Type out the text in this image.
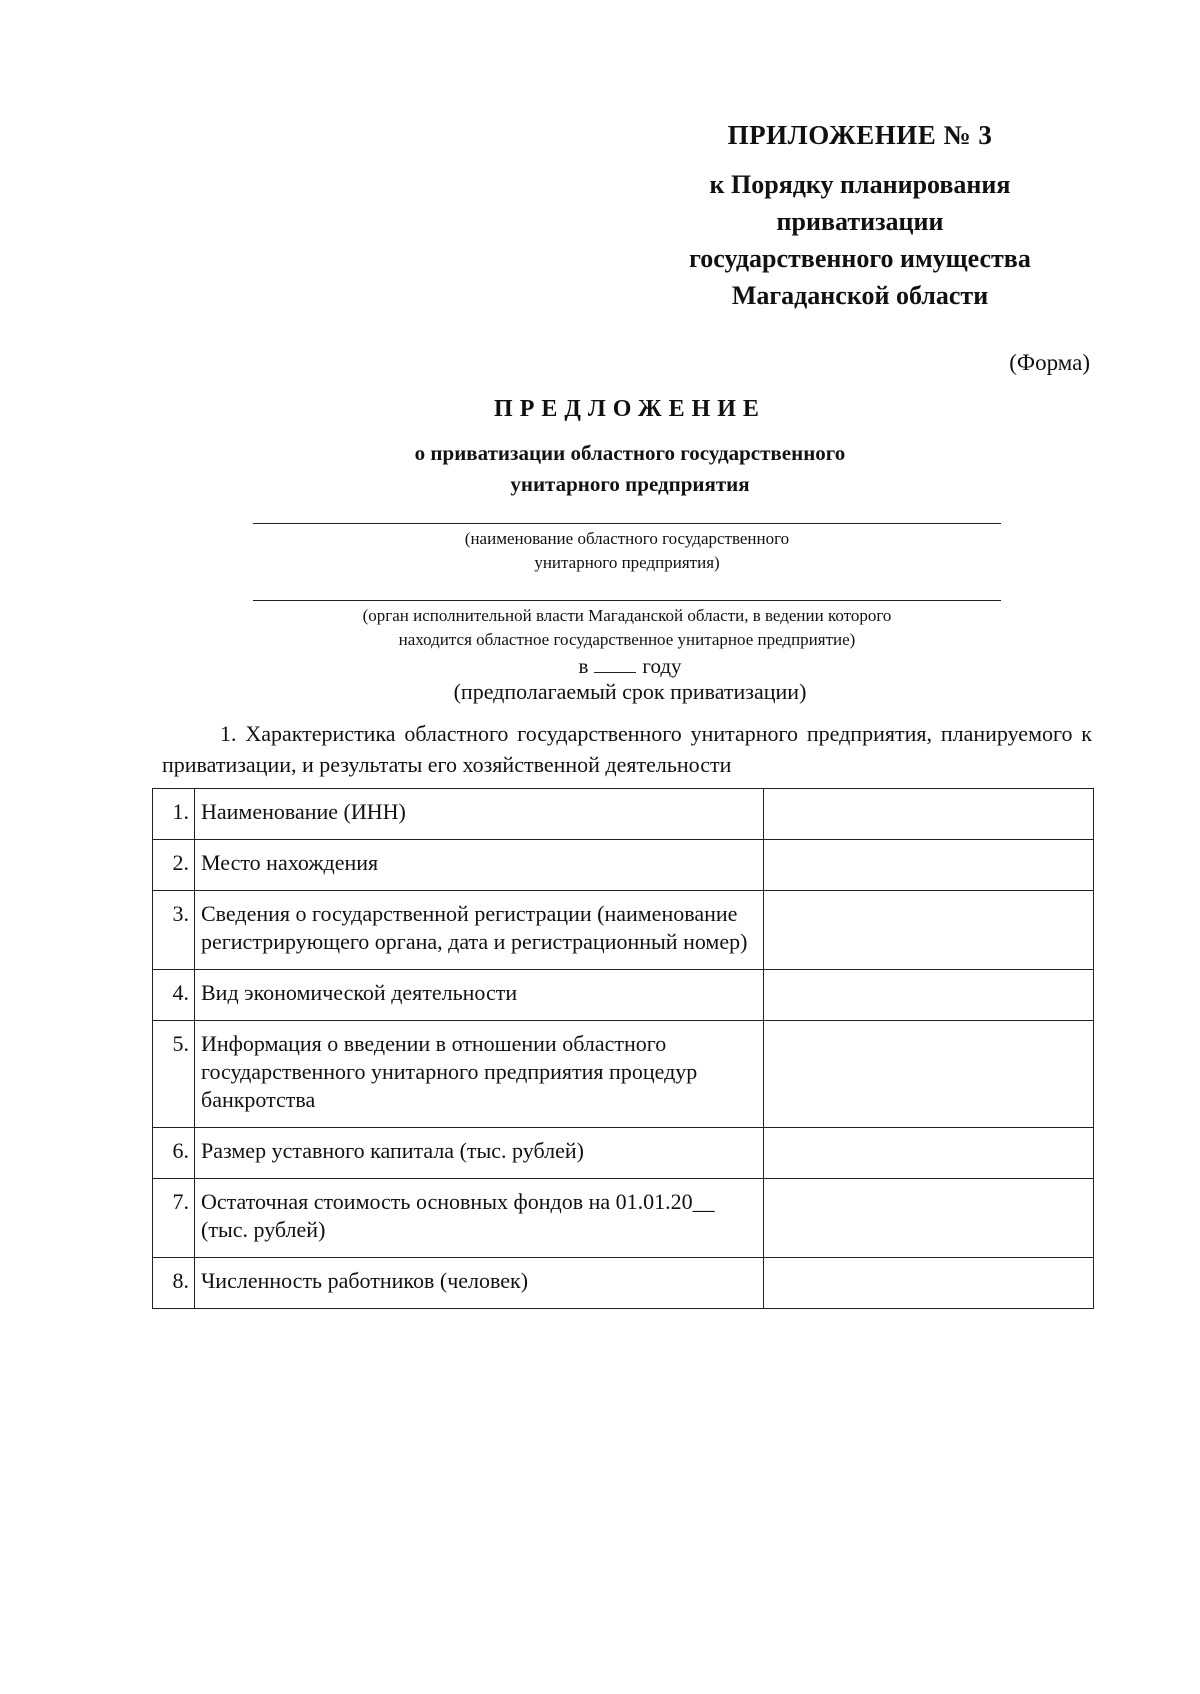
ПРИЛОЖЕНИЕ № 3
к Порядку планирования
приватизации
государственного имущества
Магаданской области
(Форма)
ПРЕДЛОЖЕНИЕ
о приватизации областного государственного
унитарного предприятия
(наименование областного государственного
унитарного предприятия)
(орган исполнительной власти Магаданской области, в ведении которого
находится областное государственное унитарное предприятие)
в	году
(предполагаемый срок приватизации)
1. Характеристика областного государственного унитарного предприятия, планируемого к приватизации, и результаты его хозяйственной деятельности
1.	Наименование (ИНН)	
2.	Место нахождения	
3.	Сведения о государственной регистрации (наименование регистрирующего органа, дата и регистрационный номер)	
4.	Вид экономической деятельности	
5.	Информация о введении в отношении областного государственного унитарного предприятия процедур банкротства	
6.	Размер уставного капитала (тыс. рублей)	
7.	Остаточная стоимость основных фондов на 01.01.20__ (тыс. рублей)	
8.	Численность работников (человек)	
